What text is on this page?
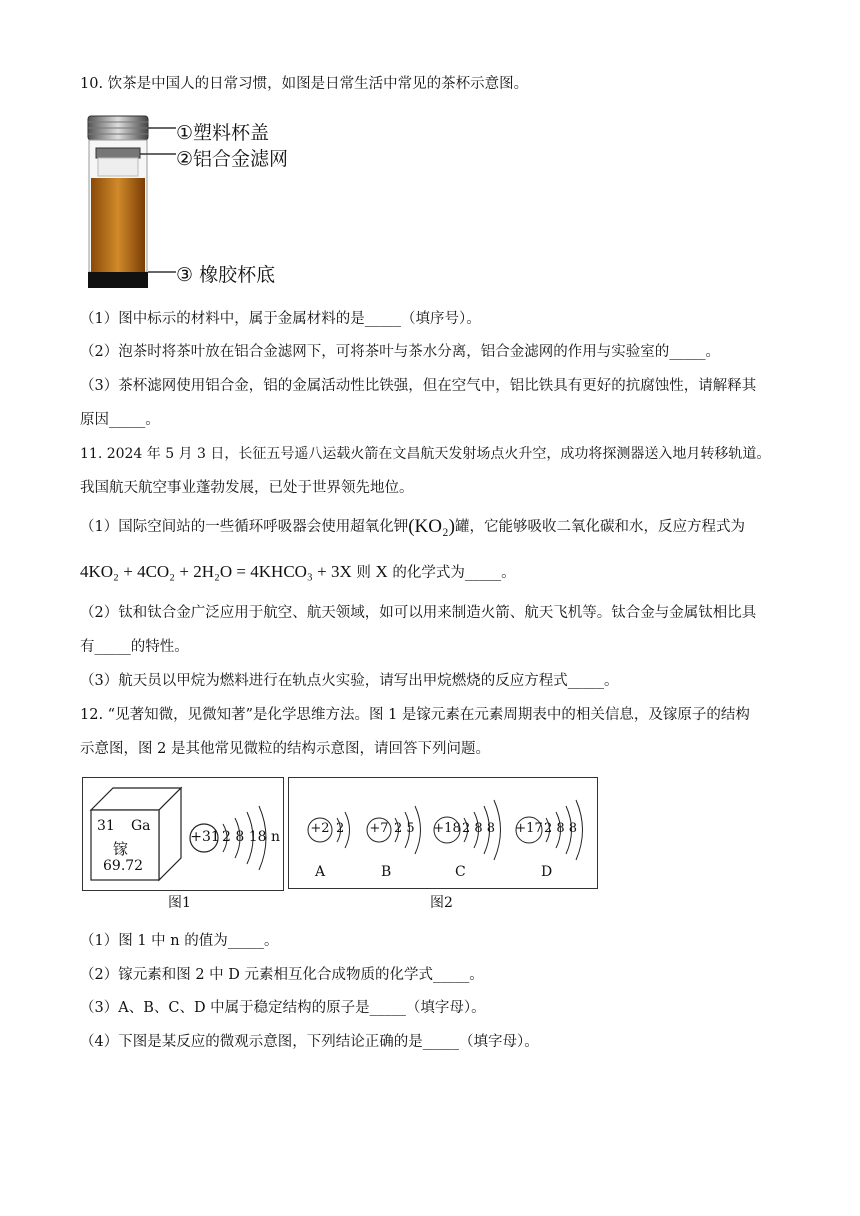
10. 饮茶是中国人的日常习惯，如图是日常生活中常见的茶杯示意图。
①塑料杯盖
②铝合金滤网
③ 橡胶杯底
（1）图中标示的材料中，属于金属材料的是_____（填序号）。
（2）泡茶时将茶叶放在铝合金滤网下，可将茶叶与茶水分离，铝合金滤网的作用与实验室的_____。
（3）茶杯滤网使用铝合金，铝的金属活动性比铁强，但在空气中，铝比铁具有更好的抗腐蚀性，请解释其
原因_____。
11. 2024 年 5 月 3 日，长征五号遥八运载火箭在文昌航天发射场点火升空，成功将探测器送入地月转移轨道。
我国航天航空事业蓬勃发展，已处于世界领先地位。
（1）国际空间站的一些循环呼吸器会使用超氧化钾(KO₂)罐，它能够吸收二氧化碳和水，反应方程式为
4KO₂ + 4CO₂ + 2H₂O = 4KHCO₃ + 3X 则 X 的化学式为_____。
（2）钛和钛合金广泛应用于航空、航天领域，如可以用来制造火箭、航天飞机等。钛合金与金属钛相比具
有_____的特性。
（3）航天员以甲烷为燃料进行在轨点火实验，请写出甲烷燃烧的反应方程式_____。
12. “见著知微，见微知著”是化学思维方法。图 1 是镓元素在元素周期表中的相关信息，及镓原子的结构
示意图，图 2 是其他常见微粒的结构示意图，请回答下列问题。
31 Ga
镓
69.72
+31 2 8 18 n
图1
+2 2
A
+7 2 5
B
+18 2 8 8
C
+17 2 8 8
D
图2
（1）图 1 中 n 的值为_____。
（2）镓元素和图 2 中 D 元素相互化合成物质的化学式_____。
（3）A、B、C、D 中属于稳定结构的原子是_____（填字母）。
（4）下图是某反应的微观示意图，下列结论正确的是_____（填字母）。
